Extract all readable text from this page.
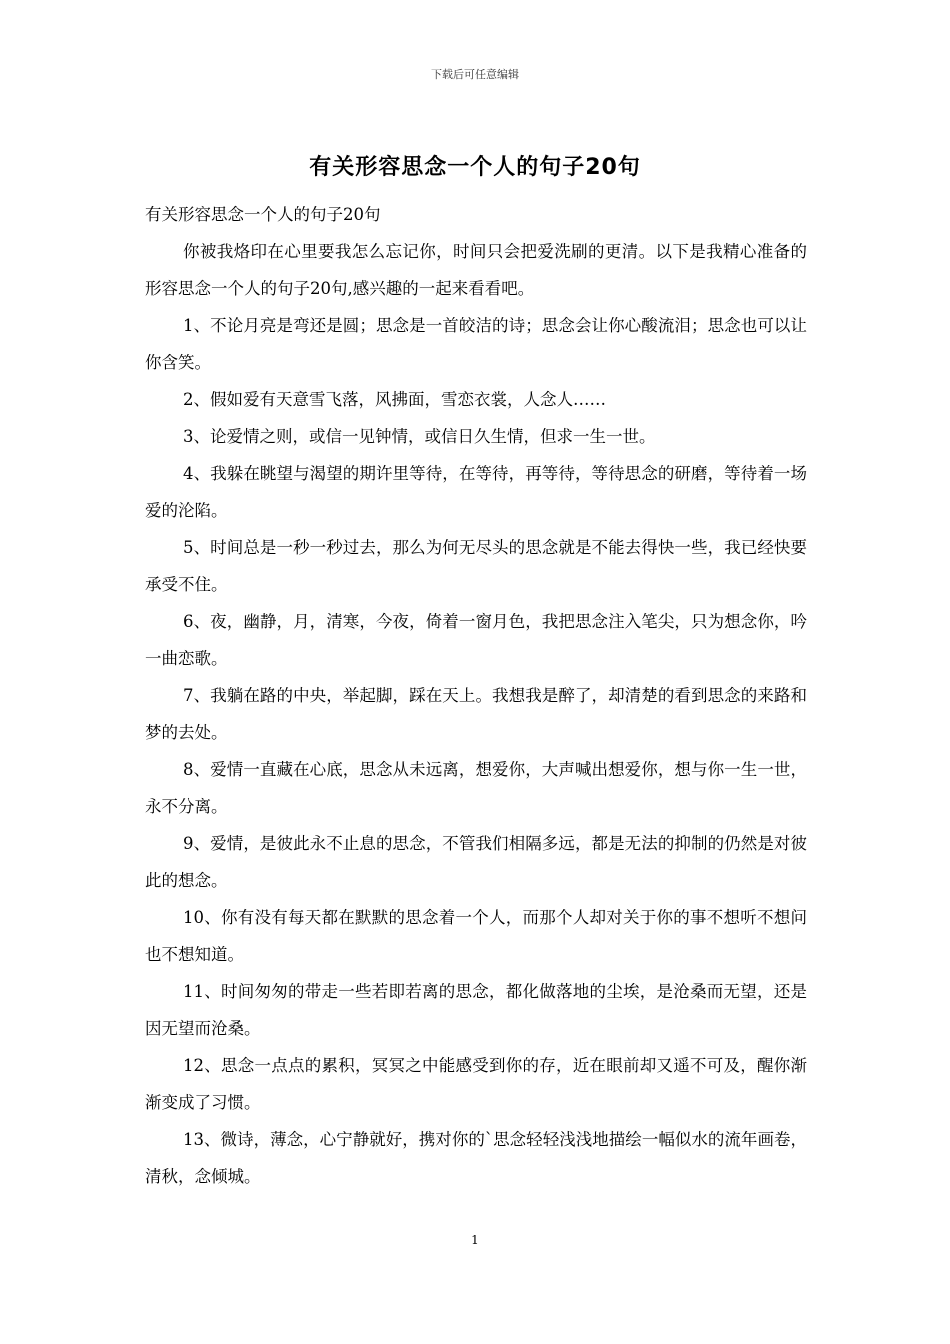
下载后可任意编辑
有关形容思念一个人的句子20句

有关形容思念一个人的句子20句

你被我烙印在心里要我怎么忘记你，时间只会把爱洗刷的更清。以下是我精心准备的形容思念一个人的句子20句,感兴趣的一起来看看吧。

1、不论月亮是弯还是圆；思念是一首皎洁的诗；思念会让你心酸流泪；思念也可以让你含笑。

2、假如爱有天意雪飞落，风拂面，雪恋衣裳，人念人……

3、论爱情之则，或信一见钟情，或信日久生情，但求一生一世。

4、我躲在眺望与渴望的期许里等待，在等待，再等待，等待思念的研磨，等待着一场爱的沦陷。

5、时间总是一秒一秒过去，那么为何无尽头的思念就是不能去得快一些，我已经快要承受不住。

6、夜，幽静，月，清寒，今夜，倚着一窗月色，我把思念注入笔尖，只为想念你，吟一曲恋歌。

7、我躺在路的中央，举起脚，踩在天上。我想我是醉了，却清楚的看到思念的来路和梦的去处。

8、爱情一直藏在心底，思念从未远离，想爱你，大声喊出想爱你，想与你一生一世，永不分离。

9、爱情，是彼此永不止息的思念，不管我们相隔多远，都是无法的抑制的仍然是对彼此的想念。

10、你有没有每天都在默默的思念着一个人，而那个人却对关于你的事不想听不想问也不想知道。

11、时间匆匆的带走一些若即若离的思念，都化做落地的尘埃，是沧桑而无望，还是因无望而沧桑。

12、思念一点点的累积，冥冥之中能感受到你的存，近在眼前却又遥不可及，醒你渐渐变成了习惯。

13、微诗，薄念，心宁静就好，携对你的`思念轻轻浅浅地描绘一幅似水的流年画卷，清秋，念倾城。

1
